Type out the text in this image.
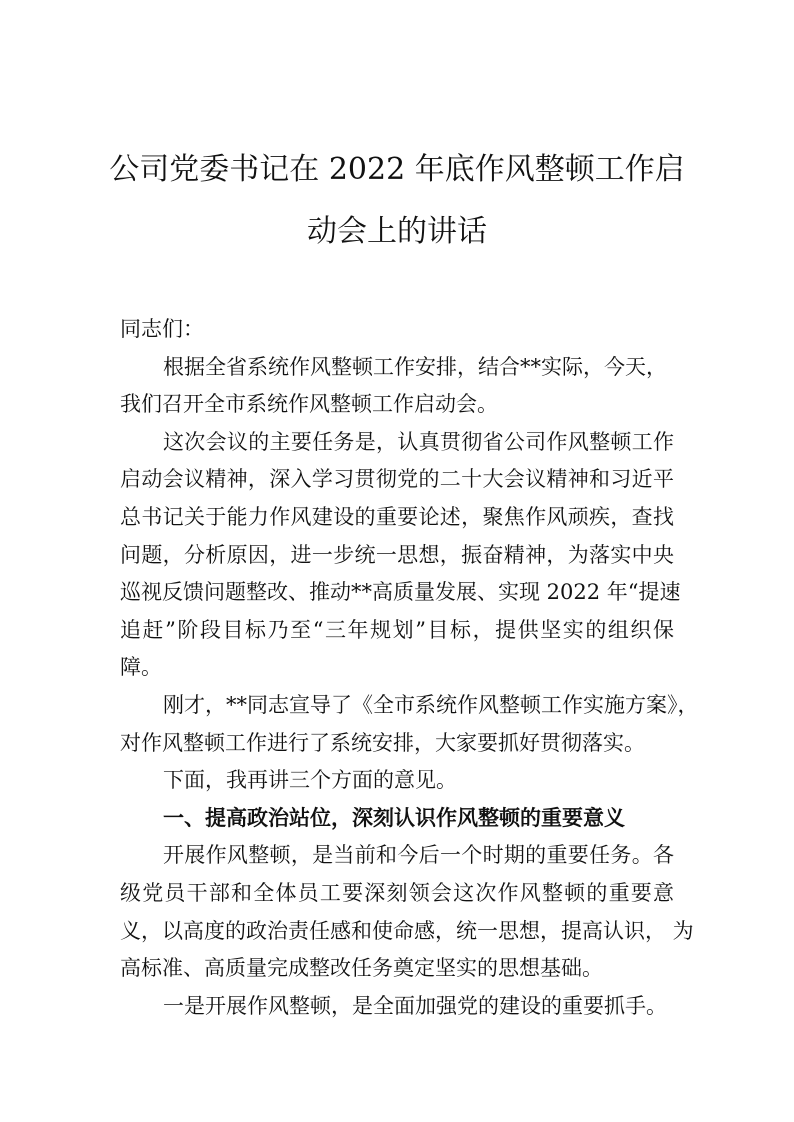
公司党委书记在 2022 年底作风整顿工作启
动会上的讲话
同志们：
根据全省系统作风整顿工作安排，结合**实际，今天，
我们召开全市系统作风整顿工作启动会。
这次会议的主要任务是，认真贯彻省公司作风整顿工作
启动会议精神，深入学习贯彻党的二十大会议精神和习近平
总书记关于能力作风建设的重要论述，聚焦作风顽疾，查找
问题，分析原因，进一步统一思想，振奋精神，为落实中央
巡视反馈问题整改、推动**高质量发展、实现 2022 年“提速
追赶”阶段目标乃至“三年规划”目标，提供坚实的组织保
障。
刚才，**同志宣导了《全市系统作风整顿工作实施方案》，
对作风整顿工作进行了系统安排，大家要抓好贯彻落实。
下面，我再讲三个方面的意见。
一、提高政治站位，深刻认识作风整顿的重要意义
开展作风整顿，是当前和今后一个时期的重要任务。各
级党员干部和全体员工要深刻领会这次作风整顿的重要意
义，以高度的政治责任感和使命感，统一思想，提高认识， 为
高标准、高质量完成整改任务奠定坚实的思想基础。
一是开展作风整顿，是全面加强党的建设的重要抓手。
